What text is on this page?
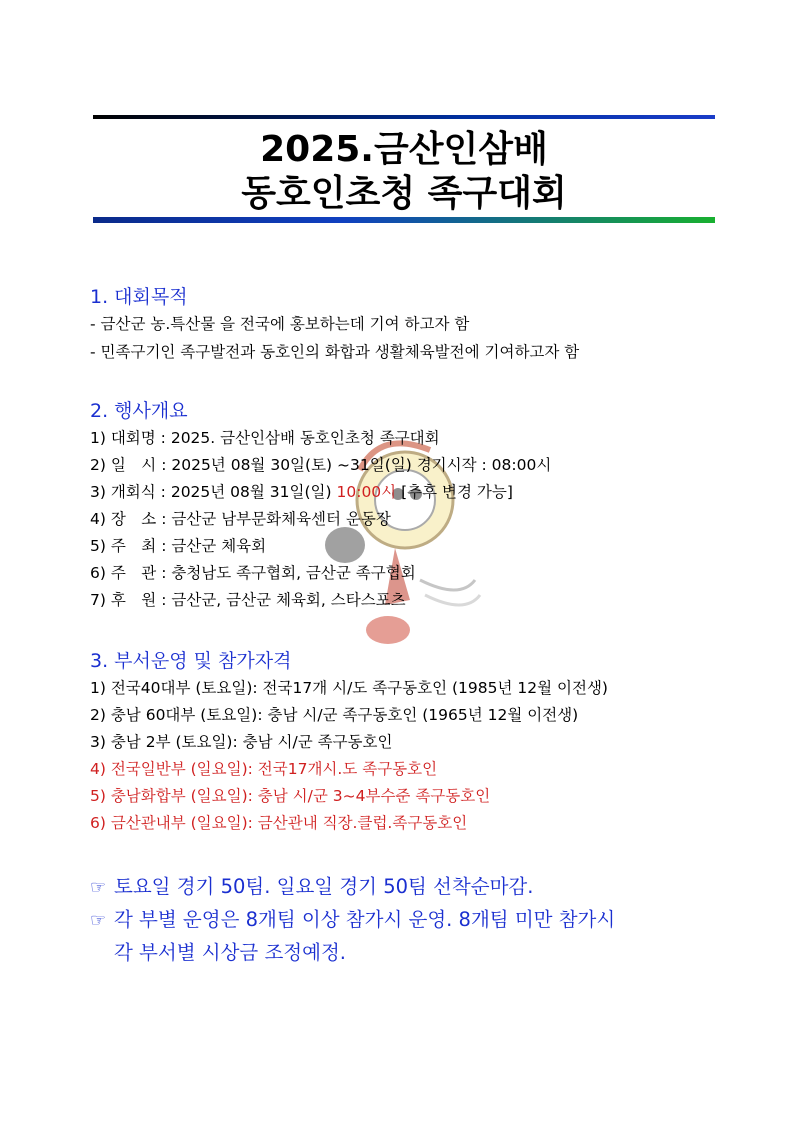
2025.금산인삼배
동호인초청 족구대회
1. 대회목적
- 금산군 농.특산물 을 전국에 홍보하는데 기여 하고자 함
- 민족구기인 족구발전과 동호인의 화합과 생활체육발전에 기여하고자 함
2. 행사개요
1) 대회명 : 2025. 금산인삼배 동호인초청 족구대회
2) 일　시 : 2025년 08월 30일(토) ~31일(일) 경기시작 : 08:00시
3) 개회식 : 2025년 08월 31일(일) 10:00시 [추후 변경 가능]
4) 장　소 : 금산군 남부문화체육센터 운동장
5) 주　최 : 금산군 체육회
6) 주　관 : 충청남도 족구협회, 금산군 족구협회
7) 후　원 : 금산군, 금산군 체육회, 스타스포츠
3. 부서운영 및 참가자격
1) 전국40대부 (토요일): 전국17개 시/도 족구동호인 (1985년 12월 이전생)
2) 충남 60대부 (토요일): 충남 시/군 족구동호인 (1965년 12월 이전생)
3) 충남 2부 (토요일): 충남 시/군 족구동호인
4) 전국일반부 (일요일): 전국17개시.도 족구동호인
5) 충남화합부 (일요일): 충남 시/군 3~4부수준 족구동호인
6) 금산관내부 (일요일): 금산관내 직장.클럽.족구동호인
☞ 토요일 경기 50팀. 일요일 경기 50팀 선착순마감.
☞ 각 부별 운영은 8개팀 이상 참가시 운영. 8개팀 미만 참가시
각 부서별 시상금 조정예정.
